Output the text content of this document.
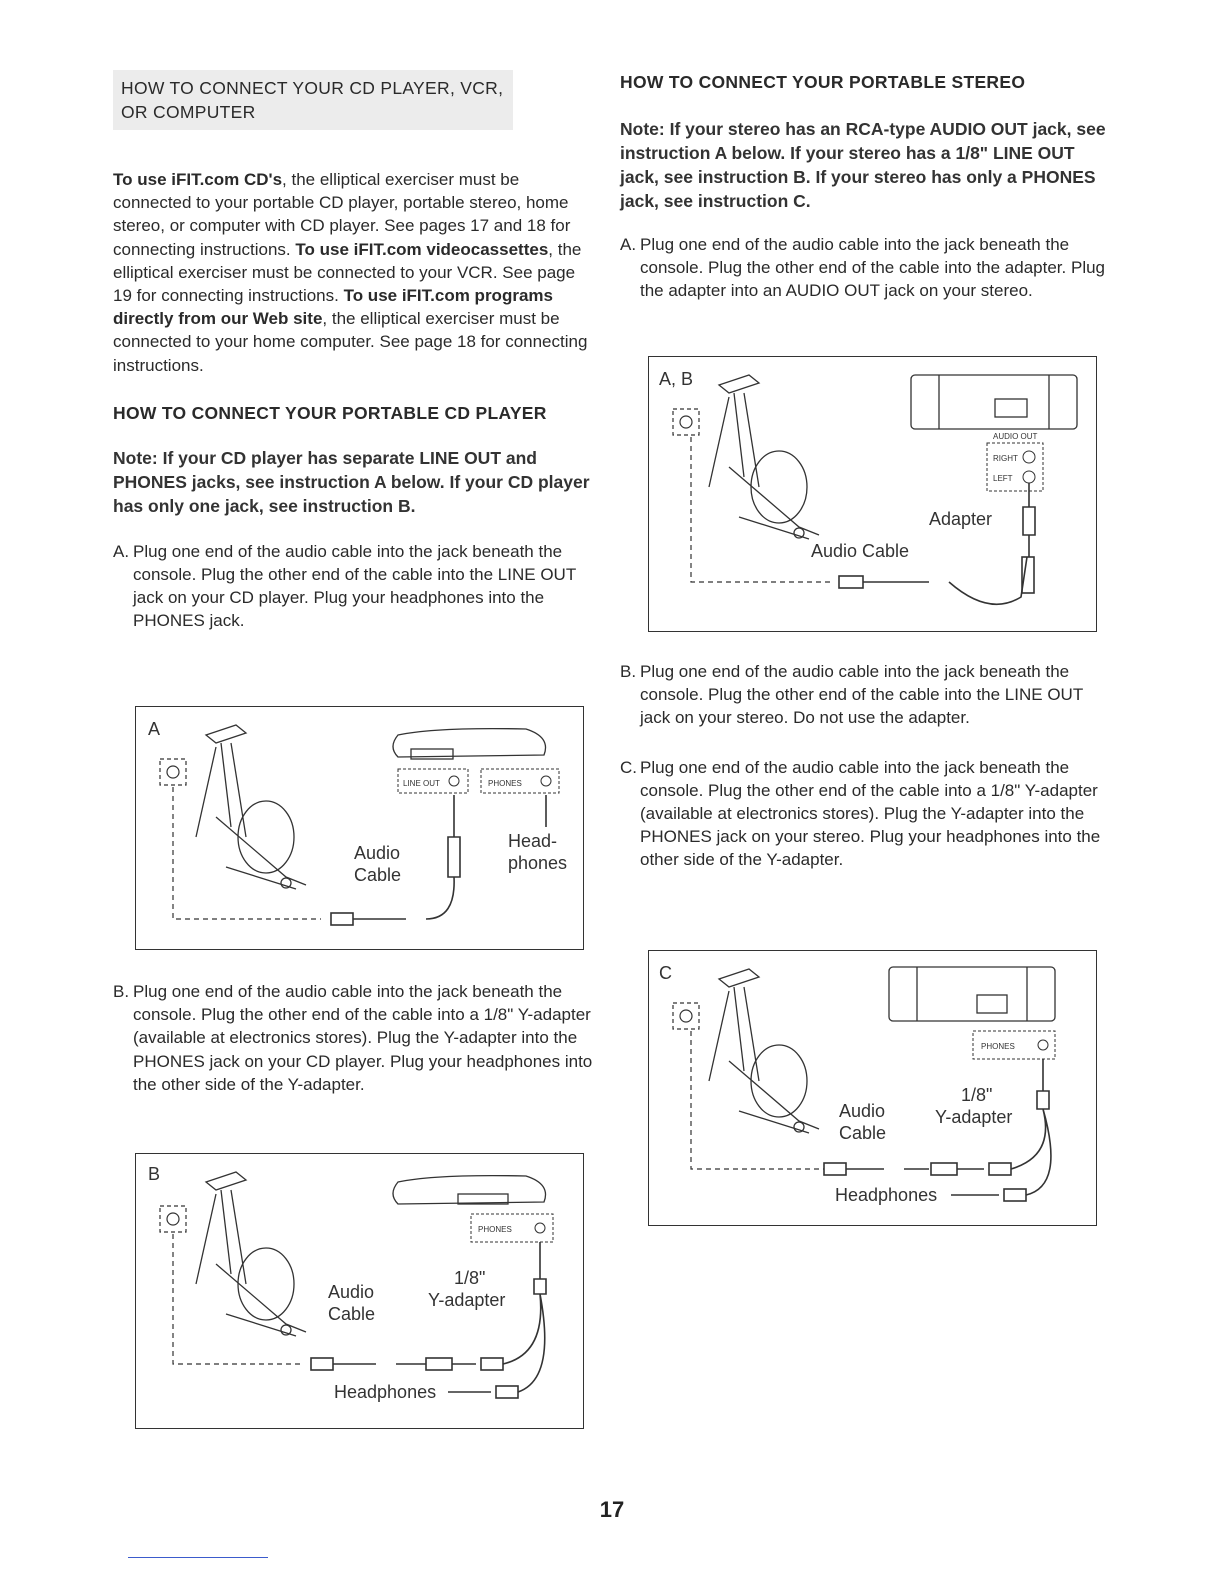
HOW TO CONNECT YOUR CD PLAYER, VCR,
OR COMPUTER

To use iFIT.com CD's, the elliptical exerciser must be connected to your portable CD player, portable stereo, home stereo, or computer with CD player. See pages 17 and 18 for connecting instructions. To use iFIT.com videocassettes, the elliptical exerciser must be connected to your VCR. See page 19 for connecting instructions. To use iFIT.com programs directly from our Web site, the elliptical exerciser must be connected to your home computer. See page 18 for connecting instructions.

HOW TO CONNECT YOUR PORTABLE CD PLAYER

Note: If your CD player has separate LINE OUT and PHONES jacks, see instruction A below. If your CD player has only one jack, see instruction B.

A. Plug one end of the audio cable into the jack beneath the console. Plug the other end of the cable into the LINE OUT jack on your CD player. Plug your headphones into the PHONES jack.
A
LINE OUT	PHONES
Audio
Cable
Head-
phones
B. Plug one end of the audio cable into the jack beneath the console. Plug the other end of the cable into a 1/8" Y-adapter (available at electronics stores). Plug the Y-adapter into the PHONES jack on your CD player. Plug your headphones into the other side of the Y-adapter.
B
PHONES
1/8"
Y-adapter
Audio
Cable
Headphones
HOW TO CONNECT YOUR PORTABLE STEREO

Note: If your stereo has an RCA-type AUDIO OUT jack, see instruction A below. If your stereo has a 1/8" LINE OUT jack, see instruction B. If your stereo has only a PHONES jack, see instruction C.

A. Plug one end of the audio cable into the jack beneath the console. Plug the other end of the cable into the adapter. Plug the adapter into an AUDIO OUT jack on your stereo.
A, B
AUDIO OUT
RIGHT
LEFT
Adapter
Audio Cable
B. Plug one end of the audio cable into the jack beneath the console. Plug the other end of the cable into the LINE OUT jack on your stereo. Do not use the adapter.
C. Plug one end of the audio cable into the jack beneath the console. Plug the other end of the cable into a 1/8" Y-adapter (available at electronics stores). Plug the Y-adapter into the PHONES jack on your stereo. Plug your headphones into the other side of the Y-adapter.
C
PHONES
1/8"
Y-adapter
Audio
Cable
Headphones
17
